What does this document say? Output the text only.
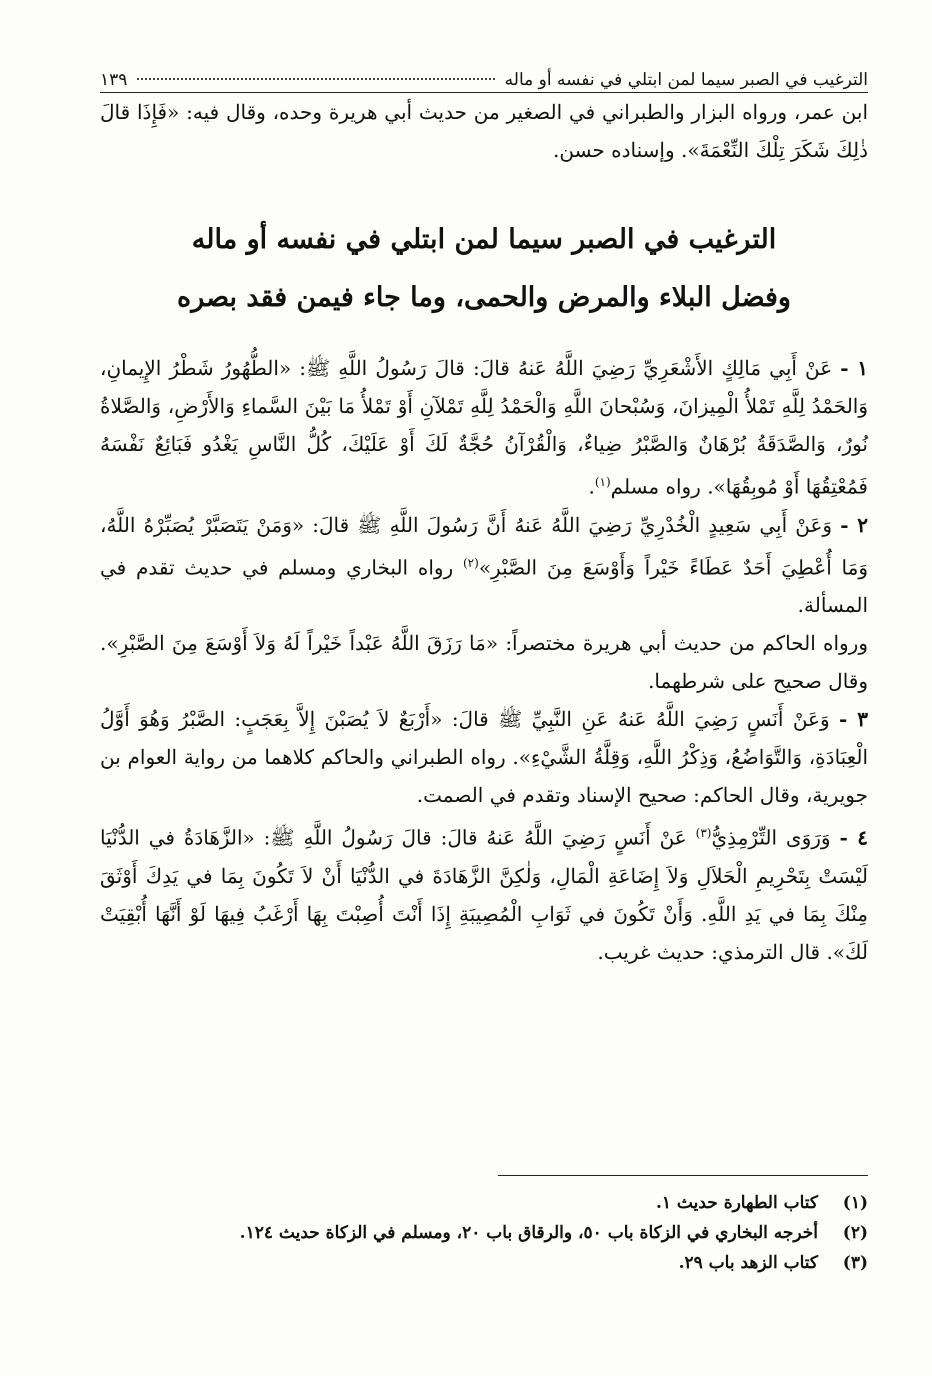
الترغيب في الصبر سيما لمن ابتلي في نفسه أو ماله
١٣٩

ابن عمر، ورواه البزار والطبراني في الصغير من حديث أبي هريرة وحده، وقال فيه: «فَإِذَا قالَ ذٰلِكَ شَكَرَ تِلْكَ النِّعْمَةَ». وإسناده حسن.

الترغيب في الصبر سيما لمن ابتلي في نفسه أو ماله
وفضل البلاء والمرض والحمى، وما جاء فيمن فقد بصره

١ - عَنْ أَبِي مَالِكٍ الأَشْعَرِيِّ رَضِيَ اللَّهُ عَنهُ قالَ: قالَ رَسُولُ اللَّهِ ﷺ: «الطُّهُورُ شَطْرُ الإِيمانِ، وَالحَمْدُ لِلَّهِ تَمْلأُ الْمِيزانَ، وَسُبْحانَ اللَّهِ وَالْحَمْدُ لِلَّهِ تَمْلآنِ أَوْ تَمْلأُ مَا بَيْنَ السَّماءِ وَالأَرْضِ، وَالصَّلاةُ نُورٌ، وَالصَّدَقَةُ بُرْهَانٌ وَالصَّبْرُ ضِياءٌ، وَالْقُرْآنُ حُجَّةٌ لَكَ أَوْ عَلَيْكَ، كُلُّ النَّاسِ يَغْدُو فَبَائِعٌ نَفْسَهُ فَمُعْتِقُهَا أَوْ مُوبِقُهَا». رواه مسلم$^{(١)}$.

٢ - وَعَنْ أَبِي سَعِيدٍ الْخُدْرِيِّ رَضِيَ اللَّهُ عَنهُ أَنَّ رَسُولَ اللَّهِ ﷺ قالَ: «وَمَنْ يَتَصَبَّرْ يُصَبِّرْهُ اللَّهُ، وَمَا أُعْطِيَ أَحَدٌ عَطَاءً خَيْراً وَأَوْسَعَ مِنَ الصَّبْرِ»$^{(٢)}$ رواه البخاري ومسلم في حديث تقدم في المسألة.

ورواه الحاكم من حديث أبي هريرة مختصراً: «مَا رَزَقَ اللَّهُ عَبْداً خَيْراً لَهُ وَلاَ أَوْسَعَ مِنَ الصَّبْرِ». وقال صحيح على شرطهما.

٣ - وَعَنْ أَنَسٍ رَضِيَ اللَّهُ عَنهُ عَنِ النَّبِيِّ ﷺ قالَ: «أَرْبَعٌ لاَ يُصَبْنَ إِلاَّ بِعَجَبٍ: الصَّبْرُ وَهُوَ أَوَّلُ الْعِبَادَةِ، وَالتَّوَاضُعُ، وَذِكْرُ اللَّهِ، وَقِلَّةُ الشَّيْءِ». رواه الطبراني والحاكم كلاهما من رواية العوام بن جويرية، وقال الحاكم: صحيح الإسناد وتقدم في الصمت.

٤ - وَرَوَى التِّرْمِذِيُّ$^{(٣)}$ عَنْ أَنَسٍ رَضِيَ اللَّهُ عَنهُ قالَ: قالَ رَسُولُ اللَّهِ ﷺ: «الزَّهَادَةُ في الدُّنْيَا لَيْسَتْ بِتَحْرِيمِ الْحَلاَلِ وَلاَ إِضَاعَةِ الْمَالِ، وَلٰكِنَّ الزَّهَادَةَ في الدُّنْيَا أَنْ لاَ تَكُونَ بِمَا في يَدِكَ أَوْثَقَ مِنْكَ بِمَا في يَدِ اللَّهِ. وَأَنْ تَكُونَ في ثَوَابِ الْمُصِيبَةِ إِذَا أَنْتَ أُصِبْتَ بِهَا أَرْغَبُ فِيهَا لَوْ أَنَّهَا أُبْقِيَتْ لَكَ». قال الترمذي: حديث غريب.

(١)
كتاب الطهارة حديث ١.
(٢)
أخرجه البخاري في الزكاة باب ٥٠، والرقاق باب ٢٠، ومسلم في الزكاة حديث ١٢٤.
(٣)
كتاب الزهد باب ٢٩.
